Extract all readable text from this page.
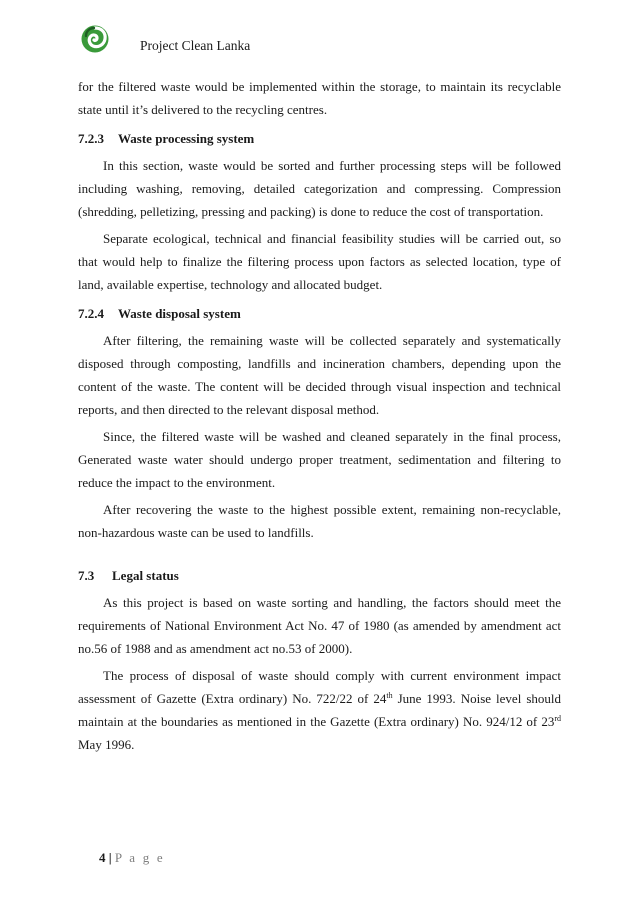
Project Clean Lanka

for the filtered waste would be implemented within the storage, to maintain its recyclable state until it’s delivered to the recycling centres.

7.2.3 Waste processing system

In this section, waste would be sorted and further processing steps will be followed including washing, removing, detailed categorization and compressing. Compression (shredding, pelletizing, pressing and packing) is done to reduce the cost of transportation.

Separate ecological, technical and financial feasibility studies will be carried out, so that would help to finalize the filtering process upon factors as selected location, type of land, available expertise, technology and allocated budget.

7.2.4 Waste disposal system

After filtering, the remaining waste will be collected separately and systematically disposed through composting, landfills and incineration chambers, depending upon the content of the waste. The content will be decided through visual inspection and technical reports, and then directed to the relevant disposal method.

Since, the filtered waste will be washed and cleaned separately in the final process, Generated waste water should undergo proper treatment, sedimentation and filtering to reduce the impact to the environment.

After recovering the waste to the highest possible extent, remaining non-recyclable, non-hazardous waste can be used to landfills.

7.3 Legal status

As this project is based on waste sorting and handling, the factors should meet the requirements of National Environment Act No. 47 of 1980 (as amended by amendment act no.56 of 1988 and as amendment act no.53 of 2000).

The process of disposal of waste should comply with current environment impact assessment of Gazette (Extra ordinary) No. 722/22 of 24th June 1993. Noise level should maintain at the boundaries as mentioned in the Gazette (Extra ordinary) No. 924/12 of 23rd May 1996.

4 | P a g e
